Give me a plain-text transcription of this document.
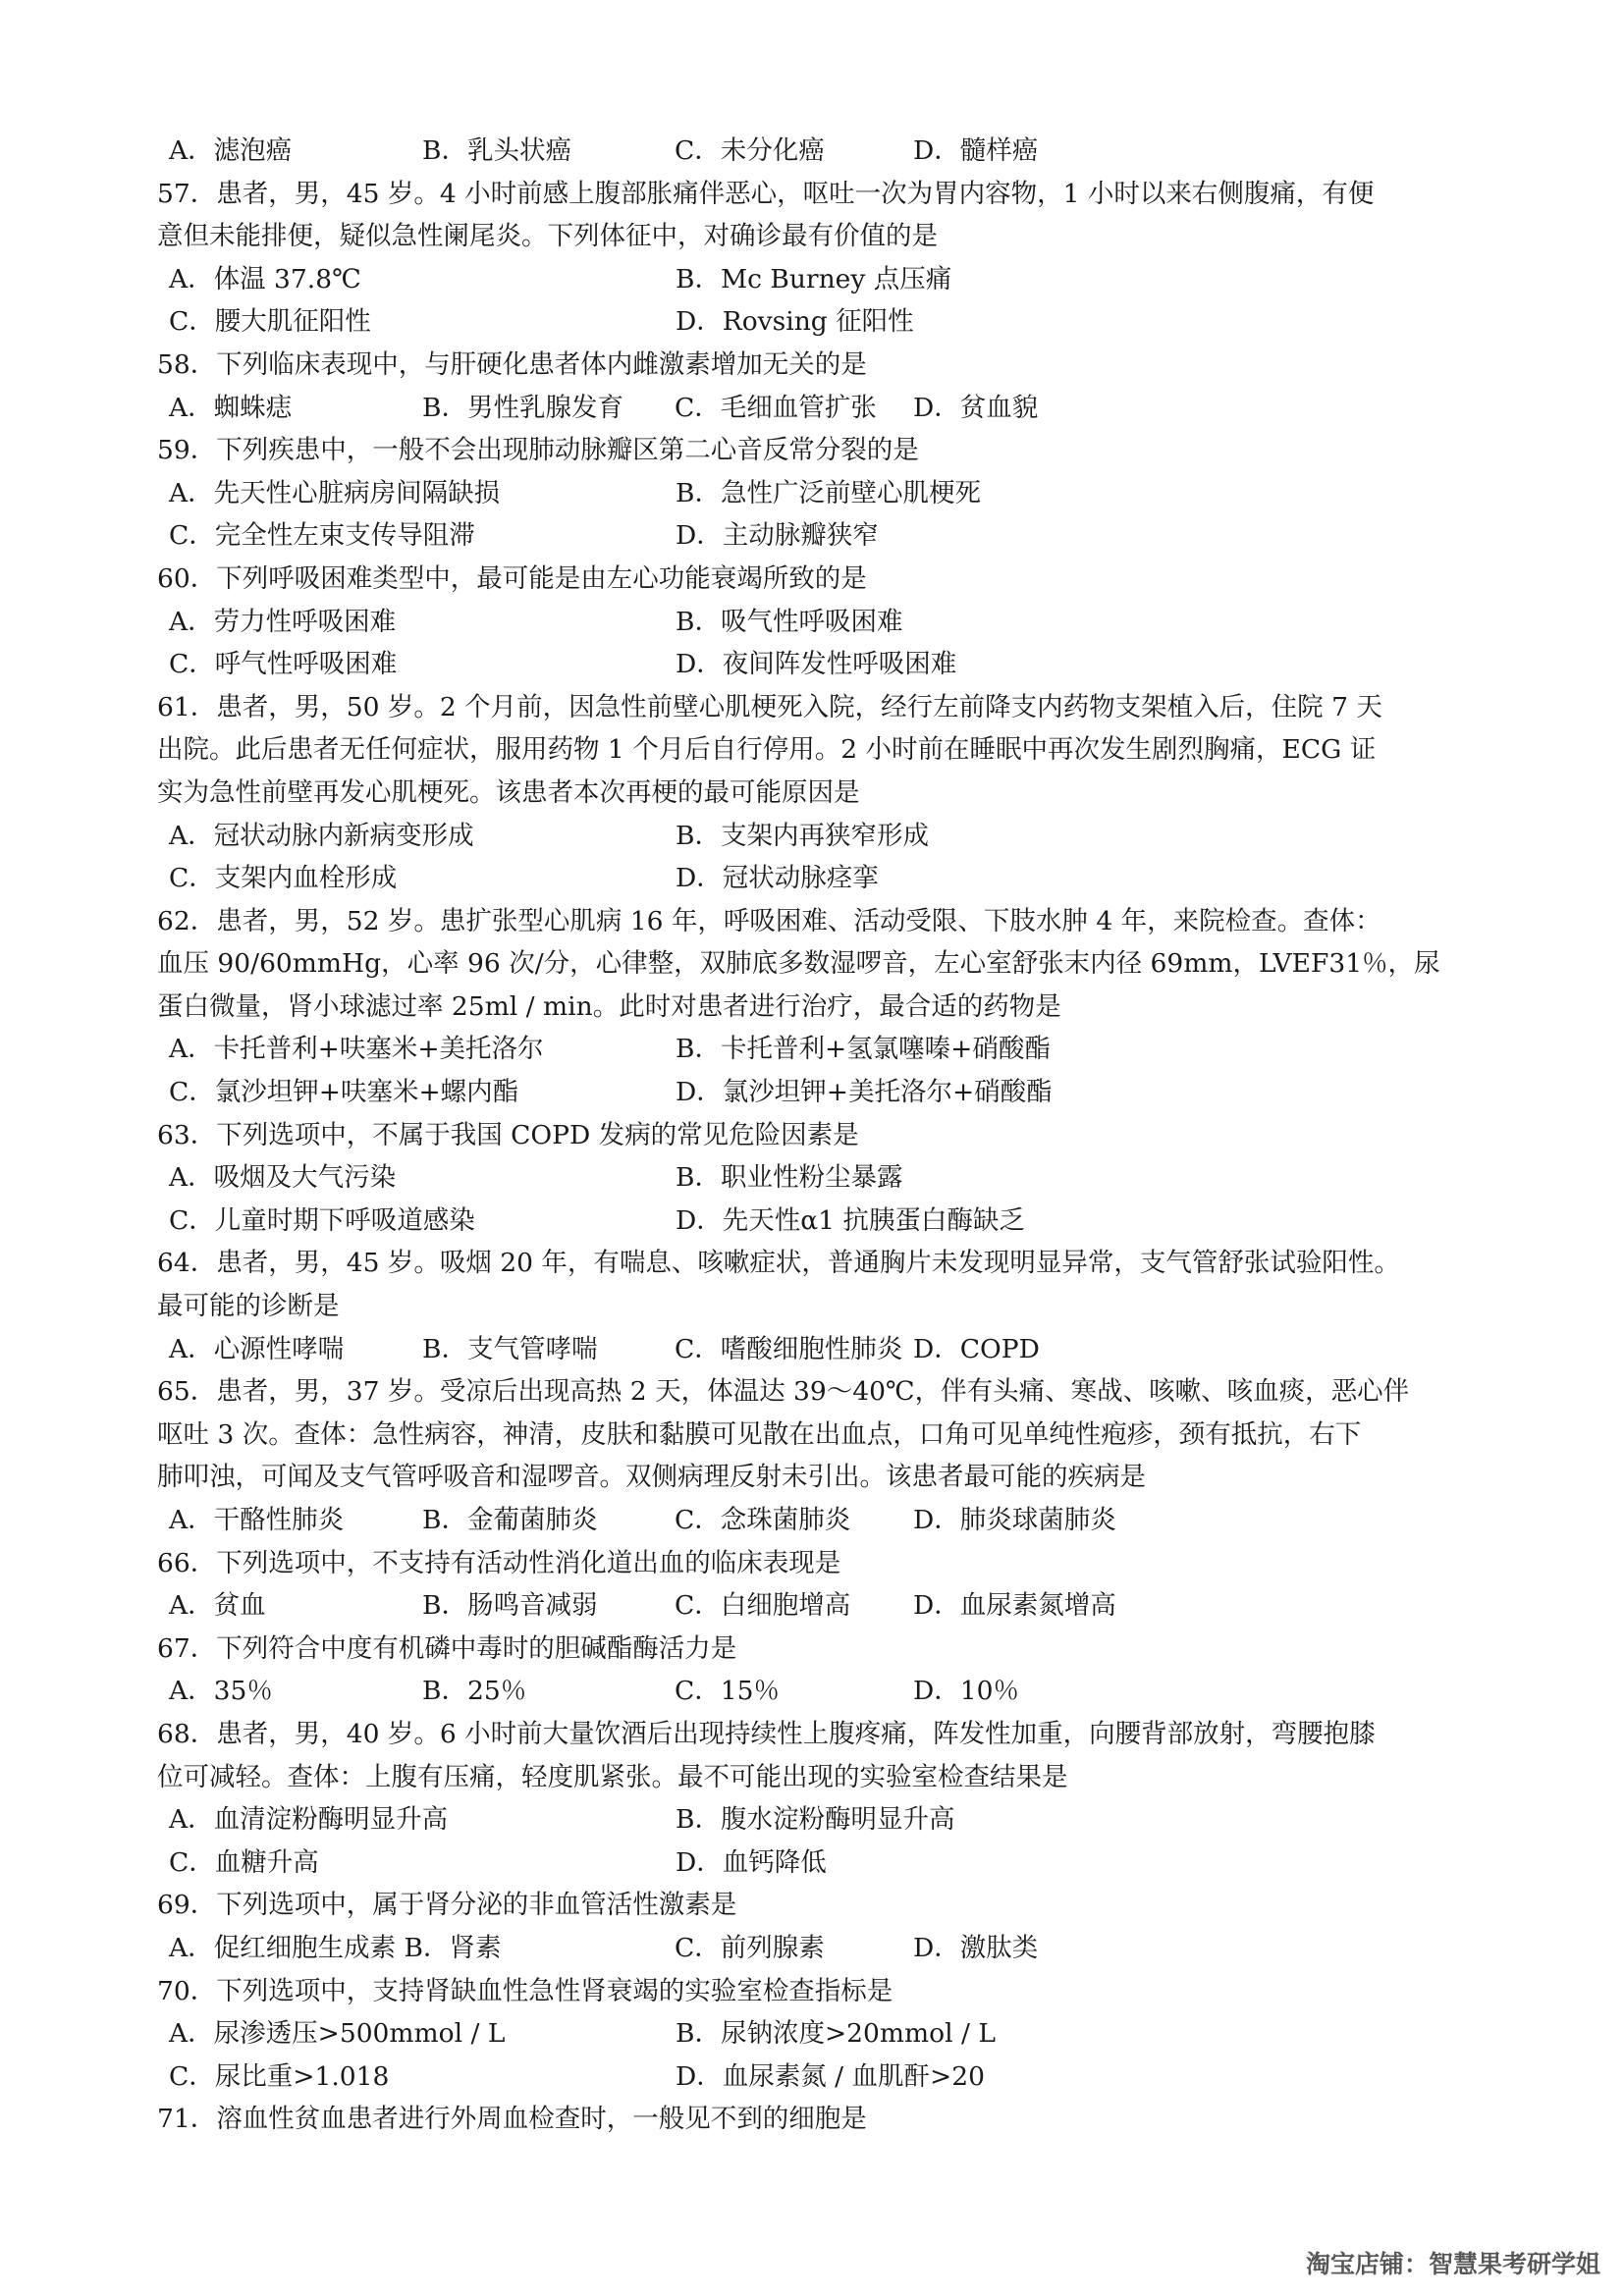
A．滤泡癌	B．乳头状癌	C．未分化癌	D．髓样癌
57．患者，男，45 岁。4 小时前感上腹部胀痛伴恶心，呕吐一次为胃内容物，1 小时以来右侧腹痛，有便
意但未能排便，疑似急性阑尾炎。下列体征中，对确诊最有价值的是
A．体温 37.8℃	B．Mc Burney 点压痛
C．腰大肌征阳性	D．Rovsing 征阳性
58．下列临床表现中，与肝硬化患者体内雌激素增加无关的是
A．蜘蛛痣	B．男性乳腺发育 C．毛细血管扩张 D．贫血貌
59．下列疾患中，一般不会出现肺动脉瓣区第二心音反常分裂的是
A．先天性心脏病房间隔缺损	B．急性广泛前壁心肌梗死
C．完全性左束支传导阻滞	D．主动脉瓣狭窄
60．下列呼吸困难类型中，最可能是由左心功能衰竭所致的是
A．劳力性呼吸困难	B．吸气性呼吸困难
C．呼气性呼吸困难	D．夜间阵发性呼吸困难
61．患者，男，50 岁。2 个月前，因急性前壁心肌梗死入院，经行左前降支内药物支架植入后，住院 7 天
出院。此后患者无任何症状，服用药物 1 个月后自行停用。2 小时前在睡眠中再次发生剧烈胸痛，ECG 证
实为急性前壁再发心肌梗死。该患者本次再梗的最可能原因是
A．冠状动脉内新病变形成	B．支架内再狭窄形成
C．支架内血栓形成	D．冠状动脉痉挛
62．患者，男，52 岁。患扩张型心肌病 16 年，呼吸困难、活动受限、下肢水肿 4 年，来院检查。查体：
血压 90/60mmHg，心率 96 次/分，心律整，双肺底多数湿啰音，左心室舒张末内径 69mm，LVEF31％，尿
蛋白微量，肾小球滤过率 25ml / min。此时对患者进行治疗，最合适的药物是
A．卡托普利+呋塞米+美托洛尔	B．卡托普利+氢氯噻嗪+硝酸酯
C．氯沙坦钾+呋塞米+螺内酯	D．氯沙坦钾+美托洛尔+硝酸酯
63．下列选项中，不属于我国 COPD 发病的常见危险因素是
A．吸烟及大气污染	B．职业性粉尘暴露
C．儿童时期下呼吸道感染	D．先天性α1 抗胰蛋白酶缺乏
64．患者，男，45 岁。吸烟 20 年，有喘息、咳嗽症状，普通胸片未发现明显异常，支气管舒张试验阳性。
最可能的诊断是
A．心源性哮喘	B．支气管哮喘	C．嗜酸细胞性肺炎 D．COPD
65．患者，男，37 岁。受凉后出现高热 2 天，体温达 39～40℃，伴有头痛、寒战、咳嗽、咳血痰，恶心伴
呕吐 3 次。查体：急性病容，神清，皮肤和黏膜可见散在出血点，口角可见单纯性疱疹，颈有抵抗，右下
肺叩浊，可闻及支气管呼吸音和湿啰音。双侧病理反射未引出。该患者最可能的疾病是
A．干酪性肺炎	B．金葡菌肺炎	C．念珠菌肺炎 D．肺炎球菌肺炎
66．下列选项中，不支持有活动性消化道出血的临床表现是
A．贫血	B．肠鸣音减弱	C．白细胞增高 D．血尿素氮增高
67．下列符合中度有机磷中毒时的胆碱酯酶活力是
A．35％	B．25％	C．15％	D．10％
68．患者，男，40 岁。6 小时前大量饮酒后出现持续性上腹疼痛，阵发性加重，向腰背部放射，弯腰抱膝
位可减轻。查体：上腹有压痛，轻度肌紧张。最不可能出现的实验室检查结果是
A．血清淀粉酶明显升高	B．腹水淀粉酶明显升高
C．血糖升高	D．血钙降低
69．下列选项中，属于肾分泌的非血管活性激素是
A．促红细胞生成素 B．肾素	C．前列腺素	D．激肽类
70．下列选项中，支持肾缺血性急性肾衰竭的实验室检查指标是
A．尿渗透压>500mmol / L	B．尿钠浓度>20mmol / L
C．尿比重>1.018	D．血尿素氮 / 血肌酐>20
71．溶血性贫血患者进行外周血检查时，一般见不到的细胞是
淘宝店铺：智慧果考研学姐
